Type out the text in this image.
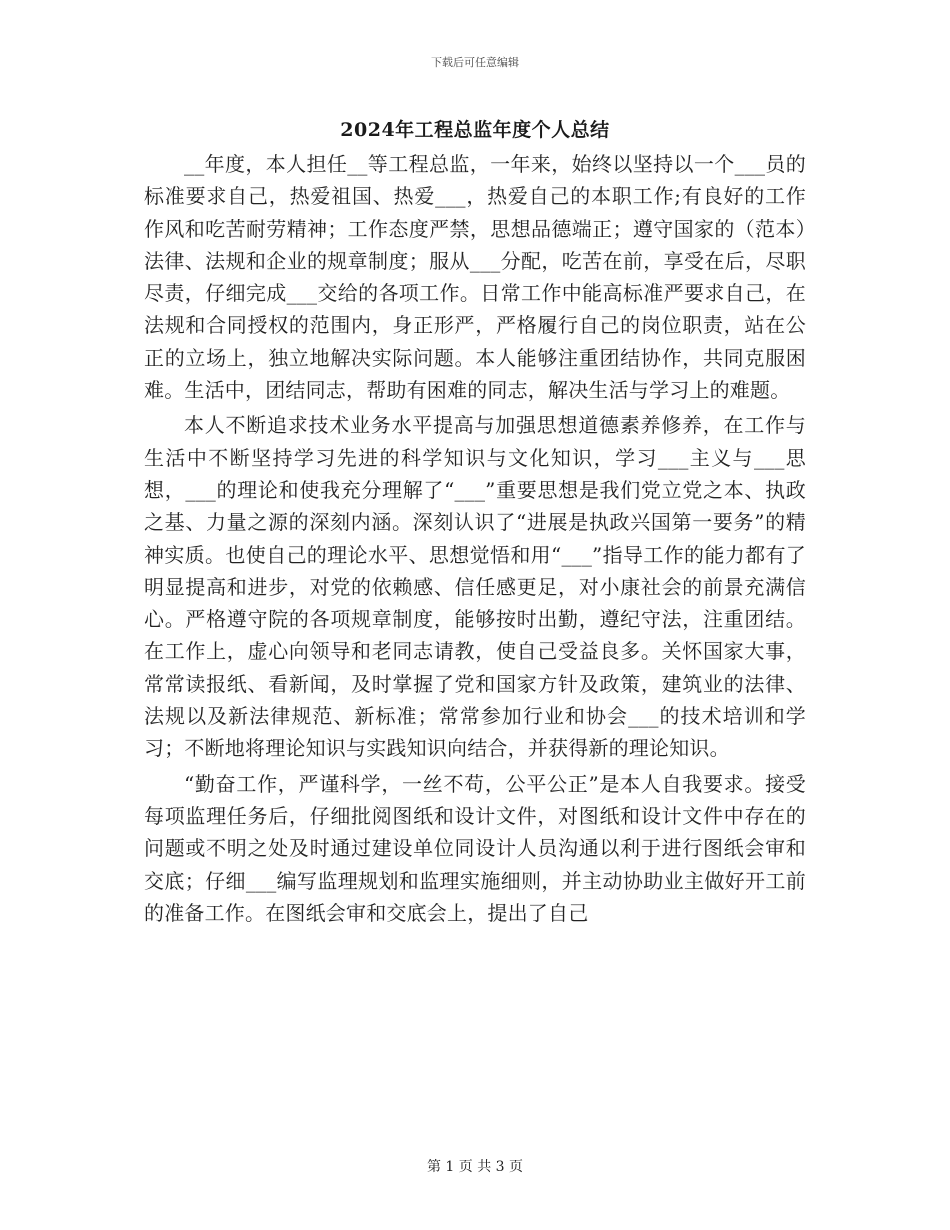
下载后可任意编辑
2024年工程总监年度个人总结

__年度，本人担任__等工程总监，一年来，始终以坚持以一个___员的标准要求自己，热爱祖国、热爱___，热爱自己的本职工作;有良好的工作作风和吃苦耐劳精神；工作态度严禁，思想品德端正；遵守国家的（范本）法律、法规和企业的规章制度；服从___分配，吃苦在前，享受在后，尽职尽责，仔细完成___交给的各项工作。日常工作中能高标准严要求自己，在法规和合同授权的范围内，身正形严，严格履行自己的岗位职责，站在公正的立场上，独立地解决实际问题。本人能够注重团结协作，共同克服困难。生活中，团结同志，帮助有困难的同志，解决生活与学习上的难题。

本人不断追求技术业务水平提高与加强思想道德素养修养，在工作与生活中不断坚持学习先进的科学知识与文化知识，学习___主义与___思想，___的理论和使我充分理解了“___”重要思想是我们党立党之本、执政之基、力量之源的深刻内涵。深刻认识了“进展是执政兴国第一要务”的精神实质。也使自己的理论水平、思想觉悟和用“___”指导工作的能力都有了明显提高和进步，对党的依赖感、信任感更足，对小康社会的前景充满信心。严格遵守院的各项规章制度，能够按时出勤，遵纪守法，注重团结。在工作上，虚心向领导和老同志请教，使自己受益良多。关怀国家大事，常常读报纸、看新闻，及时掌握了党和国家方针及政策，建筑业的法律、法规以及新法律规范、新标准；常常参加行业和协会___的技术培训和学习；不断地将理论知识与实践知识向结合，并获得新的理论知识。

“勤奋工作，严谨科学，一丝不苟，公平公正”是本人自我要求。接受每项监理任务后，仔细批阅图纸和设计文件，对图纸和设计文件中存在的问题或不明之处及时通过建设单位同设计人员沟通以利于进行图纸会审和交底；仔细___编写监理规划和监理实施细则，并主动协助业主做好开工前的准备工作。在图纸会审和交底会上，提出了自己

第 1 页 共 3 页
